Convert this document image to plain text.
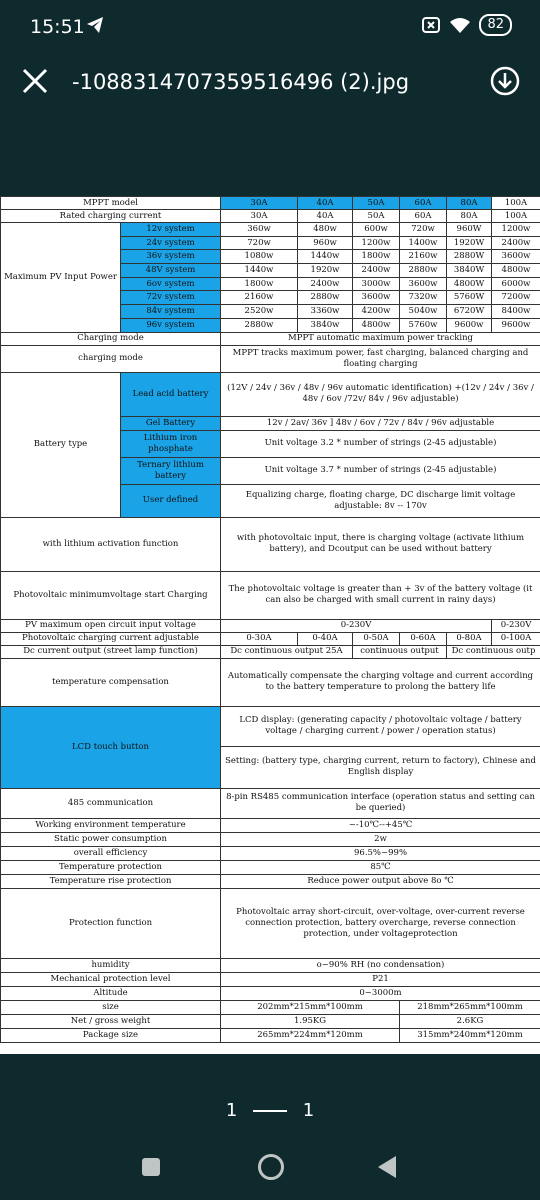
15:51	82
-1088314707359516496 (2).jpg
MPPT model		30A	40A	50A	60A	80A	100A
Rated charging current		30A	40A	50A	60A	80A	100A
Maximum PV Input Power	12v system	360w	480w	600w	720w	960W	1200w
	24v system	720w	960w	1200w	1400w	1920W	2400w
	36v system	1080w	1440w	1800w	2160w	2880W	3600w
	48V system	1440w	1920w	2400w	2880w	3840W	4800w
	6ov system	1800w	2400w	3000w	3600w	4800W	6000w
	72v system	2160w	2880w	3600w	7320w	5760W	7200w
	84v system	2520w	3360w	4200w	5040w	6720W	8400w
	96v system	2880w	3840w	4800w	5760w	9600w	9600w
Charging mode		MPPT automatic maximum power tracking					
charging mode		MPPT tracks maximum power, fast charging, balanced charging and floating charging					
Battery type	Lead acid battery	(12V / 24v / 36v / 48v / 96v automatic identification) +(12v / 24v / 36v / 48v / 6ov /72v/ 84v / 96v adjustable)					
	Gel Battery	12v / 2av/ 36v ] 48v / 6ov / 72v / 84v / 96v adjustable					
	Lithium iron phosphate	Unit voltage 3.2 * number of strings (2-45 adjustable)					
	Ternary lithium battery	Unit voltage 3.7 * number of strings (2-45 adjustable)					
	User defined	Equalizing charge, floating charge, DC discharge limit voltage adjustable: 8v -- 170v					
with lithium activation function		with photovoltaic input, there is charging voltage (activate lithium battery), and Dcoutput can be used without battery					
Photovoltaic minimumvoltage start Charging		The photovoltaic voltage is greater than + 3v of the battery voltage (it can also be charged with small current in rainy days)					
PV maximum open circuit input voltage		0-230V					0-230V
Photovoltaic charging current adjustable		0-30A	0-40A	0-50A	0-60A	0-80A	0-100A
Dc current output (street lamp function)		Dc continuous output 25A		continuous output		Dc continuous outp	
temperature compensation		Automatically compensate the charging voltage and current according to the battery temperature to prolong the battery life					
LCD touch button		LCD display: (generating capacity / photovoltaic voltage / battery voltage / charging current / power / operation status)					
		Setting: (battery type, charging current, return to factory), Chinese and English display					
485 communication		8-pin RS485 communication interface (operation status and setting can be queried)					
Working environment temperature		~-10℃--+45℃					
Static power consumption		2w					
overall efficiency		96.5%~99%					
Temperature protection		85℃					
Temperature rise protection		Reduce power output above 8o ℃					
Protection function		Photovoltaic array short-circuit, over-voltage, over-current reverse connection protection, battery overcharge, reverse connection protection, under voltageprotection					
humidity		o~90% RH (no condensation)					
Mechanical protection level		P21					
Altitude		0~3000m					
size		202mm*215mm*100mm			218mm*265mm*100mm		
Net / gross weight		1.95KG			2.6KG		
Package size		265mm*224mm*120mm			315mm*240mm*120mm		
1	1
